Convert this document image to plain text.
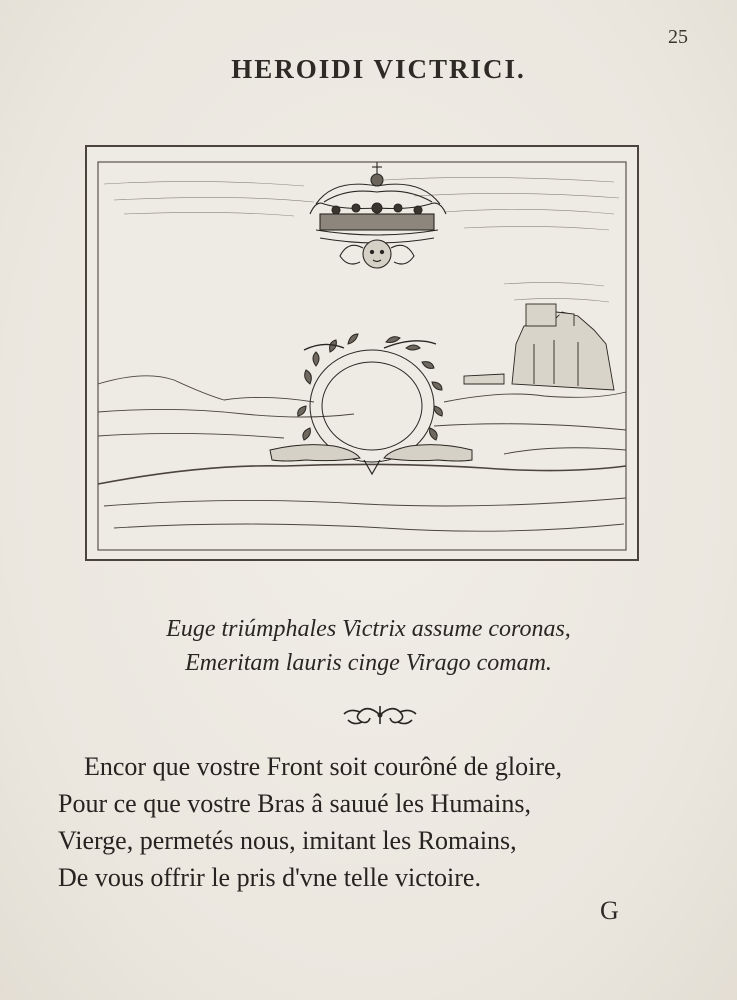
25
HEROIDI VICTRICI.
Euge triúmphales Victrix assume coronas,
Emeritam lauris cinge Virago comam.
Encor que vostre Front soit courôné de gloire,
Pour ce que vostre Bras â sauué les Humains,
Vierge, permetés nous, imitant les Romains,
De vous offrir le pris d'vne telle victoire.
G
